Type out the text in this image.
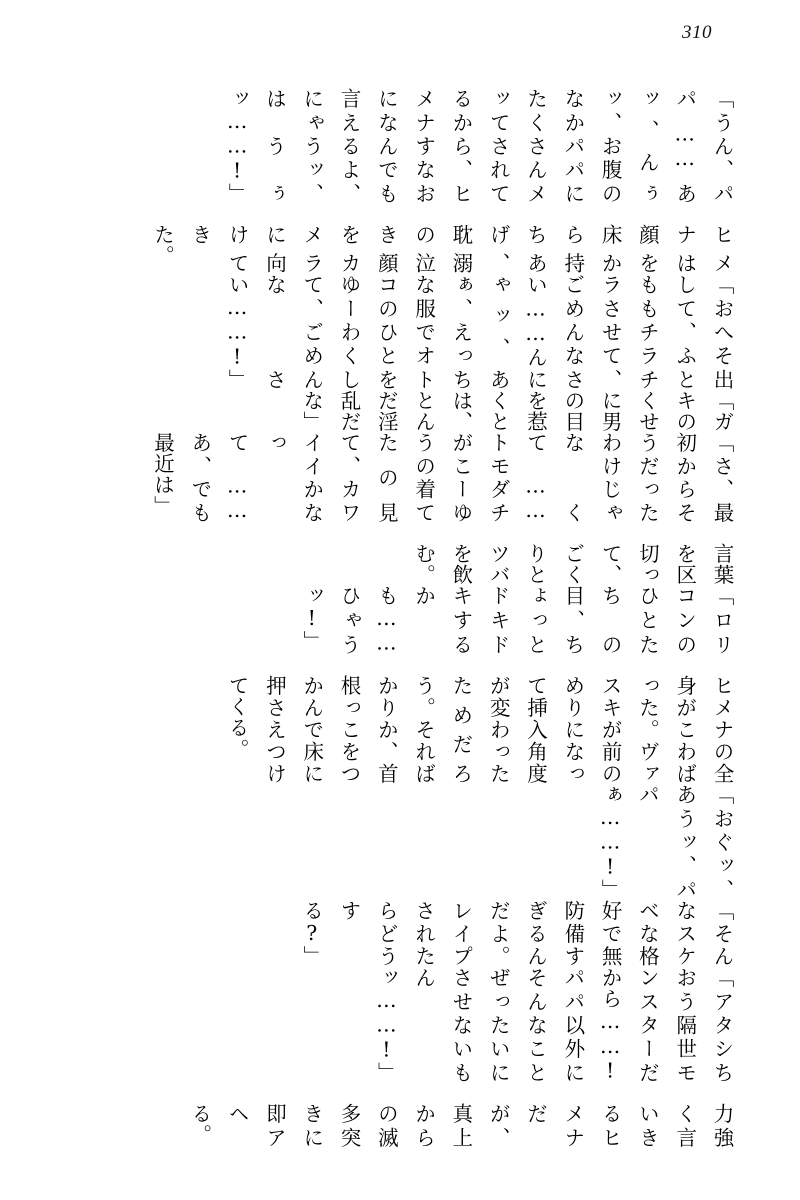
310
「うん、パパ……あッ、んぅッ、お腹のなかパパにたくさんメッてされてるから、ヒメナすなおになんでも言えるよ、にゃうッ、はうぅッ……!」
ヒメナは顔を床から持ちあげ、耽溺の泣き顔をカメラに向けてきた。
「おへそ出して、ふとももチラチラさせて、ごめんなさい……んにゃッ、あぁ、えっちな服でオトコのひとをゆーわくして、ごめんなさい……!」
「ガキのくせに男の目を惹くとは、とんだ淫乱だな」
「さ、最初からそうだったわけじゃなくて……トモダチがこーゆうの着てたの見て、カワイイかなって……あ、でも最近は」
言葉を区切って、ごくりとツバを飲む。
「ロリコンのひとたちの目、ちょっとドキドキするかも……ひゃうッ!」
ヒメナの全身がこわばった。ヴァスキが前のめりになって挿入角度が変わったためだろう。そればかりか、首根っこをつかんで床に押さえつけてくる。
「おぐッ、あうッ、パパぁ……!」
「そんなスケベな格好で無防備すぎるんだよ。レイプされたらどうする?」
「アタシちおう隔世モンスターだから……! パパ以外にそんなことぜったいにさせないもんッ……!」
力強く言いきるヒメナだが、真上からの滅多突きに即アヘる。
